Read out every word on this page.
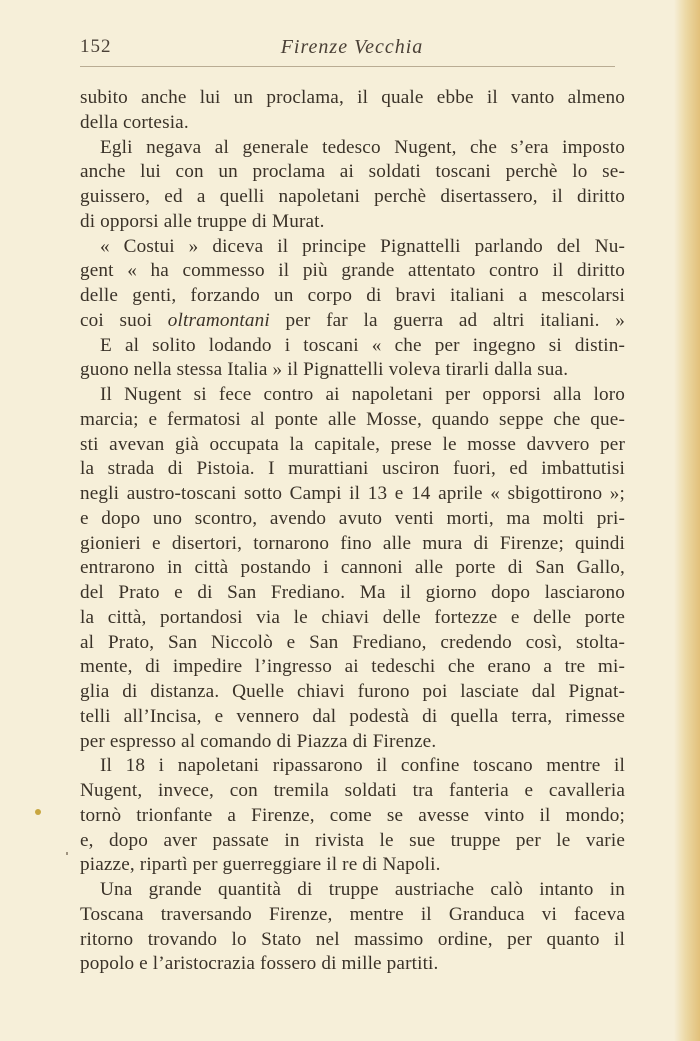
152	Firenze Vecchia
subito anche lui un proclama, il quale ebbe il vanto almeno
della cortesia.
Egli negava al generale tedesco Nugent, che s’era imposto
anche lui con un proclama ai soldati toscani perchè lo se-
guissero, ed a quelli napoletani perchè disertassero, il diritto
di opporsi alle truppe di Murat.
« Costui » diceva il principe Pignattelli parlando del Nu-
gent « ha commesso il più grande attentato contro il diritto
delle genti, forzando un corpo di bravi italiani a mescolarsi
coi suoi oltramontani per far la guerra ad altri italiani. »
E al solito lodando i toscani « che per ingegno si distin-
guono nella stessa Italia » il Pignattelli voleva tirarli dalla sua.
Il Nugent si fece contro ai napoletani per opporsi alla loro
marcia; e fermatosi al ponte alle Mosse, quando seppe che que-
sti avevan già occupata la capitale, prese le mosse davvero per
la strada di Pistoia. I murattiani usciron fuori, ed imbattutisi
negli austro-toscani sotto Campi il 13 e 14 aprile « sbigottirono »;
e dopo uno scontro, avendo avuto venti morti, ma molti pri-
gionieri e disertori, tornarono fino alle mura di Firenze; quindi
entrarono in città postando i cannoni alle porte di San Gallo,
del Prato e di San Frediano. Ma il giorno dopo lasciarono
la città, portandosi via le chiavi delle fortezze e delle porte
al Prato, San Niccolò e San Frediano, credendo così, stolta-
mente, di impedire l’ingresso ai tedeschi che erano a tre mi-
glia di distanza. Quelle chiavi furono poi lasciate dal Pignat-
telli all’Incisa, e vennero dal podestà di quella terra, rimesse
per espresso al comando di Piazza di Firenze.
Il 18 i napoletani ripassarono il confine toscano mentre il
Nugent, invece, con tremila soldati tra fanteria e cavalleria
tornò trionfante a Firenze, come se avesse vinto il mondo;
e, dopo aver passate in rivista le sue truppe per le varie
piazze, ripartì per guerreggiare il re di Napoli.
Una grande quantità di truppe austriache calò intanto in
Toscana traversando Firenze, mentre il Granduca vi faceva
ritorno trovando lo Stato nel massimo ordine, per quanto il
popolo e l’aristocrazia fossero di mille partiti.
